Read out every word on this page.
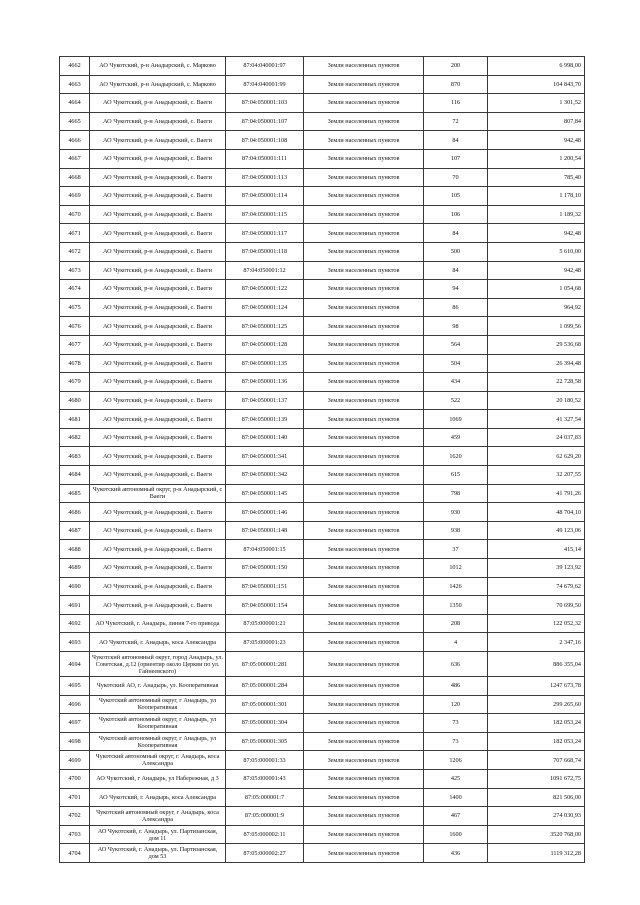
4662	АО Чукотский, р-н Анадырский, с. Марково	87:04:040001:97	Земли населенных пунктов	200	6 998,00
4663	АО Чукотский, р-н Анадырский, с. Марково	87:04:040001:99	Земли населенных пунктов	870	104 843,70
4664	АО Чукотский, р-н Анадырский, с. Ваеги	87:04:050001:103	Земли населенных пунктов	116	1 301,52
4665	АО Чукотский, р-н Анадырский, с. Ваеги	87:04:050001:107	Земли населенных пунктов	72	807,84
4666	АО Чукотский, р-н Анадырский, с. Ваеги	87:04:050001:108	Земли населенных пунктов	84	942,48
4667	АО Чукотский, р-н Анадырский, с. Ваеги	87:04:050001:111	Земли населенных пунктов	107	1 200,54
4668	АО Чукотский, р-н Анадырский, с. Ваеги	87:04:050001:113	Земли населенных пунктов	70	785,40
4669	АО Чукотский, р-н Анадырский, с. Ваеги	87:04:050001:114	Земли населенных пунктов	105	1 178,10
4670	АО Чукотский, р-н Анадырский, с. Ваеги	87:04:050001:115	Земли населенных пунктов	106	1 189,32
4671	АО Чукотский, р-н Анадырский, с. Ваеги	87:04:050001:117	Земли населенных пунктов	84	942,48
4672	АО Чукотский, р-н Анадырский, с. Ваеги	87:04:050001:118	Земли населенных пунктов	500	5 610,00
4673	АО Чукотский, р-н Анадырский, с. Ваеги	87:04:050001:12	Земли населенных пунктов	84	942,48
4674	АО Чукотский, р-н Анадырский, с. Ваеги	87:04:050001:122	Земли населенных пунктов	94	1 054,68
4675	АО Чукотский, р-н Анадырский, с. Ваеги	87:04:050001:124	Земли населенных пунктов	86	964,92
4676	АО Чукотский, р-н Анадырский, с. Ваеги	87:04:050001:125	Земли населенных пунктов	98	1 099,56
4677	АО Чукотский, р-н Анадырский, с. Ваеги	87:04:050001:128	Земли населенных пунктов	564	29 536,68
4678	АО Чукотский, р-н Анадырский, с. Ваеги	87:04:050001:135	Земли населенных пунктов	504	26 394,48
4679	АО Чукотский, р-н Анадырский, с. Ваеги	87:04:050001:136	Земли населенных пунктов	434	22 728,58
4680	АО Чукотский, р-н Анадырский, с. Ваеги	87:04:050001:137	Земли населенных пунктов	522	20 180,52
4681	АО Чукотский, р-н Анадырский, с. Ваеги	87:04:050001:139	Земли населенных пунктов	1069	41 327,54
4682	АО Чукотский, р-н Анадырский, с. Ваеги	87:04:050001:140	Земли населенных пунктов	459	24 037,83
4683	АО Чукотский, р-н Анадырский, с. Ваеги	87:04:050001:341	Земли населенных пунктов	1620	62 629,20
4684	АО Чукотский, р-н Анадырский, с. Ваеги	87:04:050001:342	Земли населенных пунктов	615	32 207,55
4685	Чукотский автономный округ, р-н Анадырский, с Ваеги	87:04:050001:145	Земли населенных пунктов	798	41 791,26
4686	АО Чукотский, р-н Анадырский, с. Ваеги	87:04:050001:146	Земли населенных пунктов	930	48 704,10
4687	АО Чукотский, р-н Анадырский, с. Ваеги	87:04:050001:148	Земли населенных пунктов	938	49 123,06
4688	АО Чукотский, р-н Анадырский, с. Ваеги	87:04:050001:15	Земли населенных пунктов	37	415,14
4689	АО Чукотский, р-н Анадырский, с. Ваеги	87:04:050001:150	Земли населенных пунктов	1012	39 123,92
4690	АО Чукотский, р-н Анадырский, с. Ваеги	87:04:050001:151	Земли населенных пунктов	1426	74 679,62
4691	АО Чукотский, р-н Анадырский, с. Ваеги	87:04:050001:154	Земли населенных пунктов	1350	70 699,50
4692	АО Чукотский, г. Анадырь, линия 7-го привода	87:05:000001:21	Земли населенных пунктов	208	122 052,32
4693	АО Чукотский, г. Анадырь, коса Александра	87:05:000001:23	Земли населенных пунктов	4	2 347,16
4694	Чукотский автономный округ, город Анадырь, ул. Советская, д.12 (ориентир около Церкви по ул. Гайнеевского)	87:05:000001:281	Земли населенных пунктов	636	886 355,04
4695	Чукотский АО, г. Анадырь, ул. Кооперативная	87:05:000001:284	Земли населенных пунктов	486	1247 673,78
4696	Чукотский автономный округ, г Анадырь, ул Кооперативная	87:05:000001:301	Земли населенных пунктов	120	299 265,60
4697	Чукотский автономный округ, г Анадырь, ул Кооперативная	87:05:000001:304	Земли населенных пунктов	73	182 053,24
4698	Чукотский автономный округ, г Анадырь, ул Кооперативная	87:05:000001:305	Земли населенных пунктов	73	182 053,24
4699	Чукотский автономный округ, г. Анадырь, коса Александра	87:05:000001:33	Земли населенных пунктов	1206	707 668,74
4700	АО Чукотский, г Анадырь, ул Набережная, д 3	87:05:000001:43	Земли населенных пунктов	425	1091 672,75
4701	АО Чукотский, г. Анадырь, коса Александра	87:05:000001:7	Земли населенных пунктов	1400	821 506,00
4702	Чукотский автономный округ, г Анадырь, коса Александра	87:05:000001:9	Земли населенных пунктов	467	274 030,93
4703	АО Чукотский, г. Анадырь, ул. Партизанская, дом 11	87:05:000002:11	Земли населенных пунктов	1600	3520 768,00
4704	АО Чукотский, г. Анадырь, ул. Партизанская, дом 53	87:05:000002:27	Земли населенных пунктов	436	1119 312,28
